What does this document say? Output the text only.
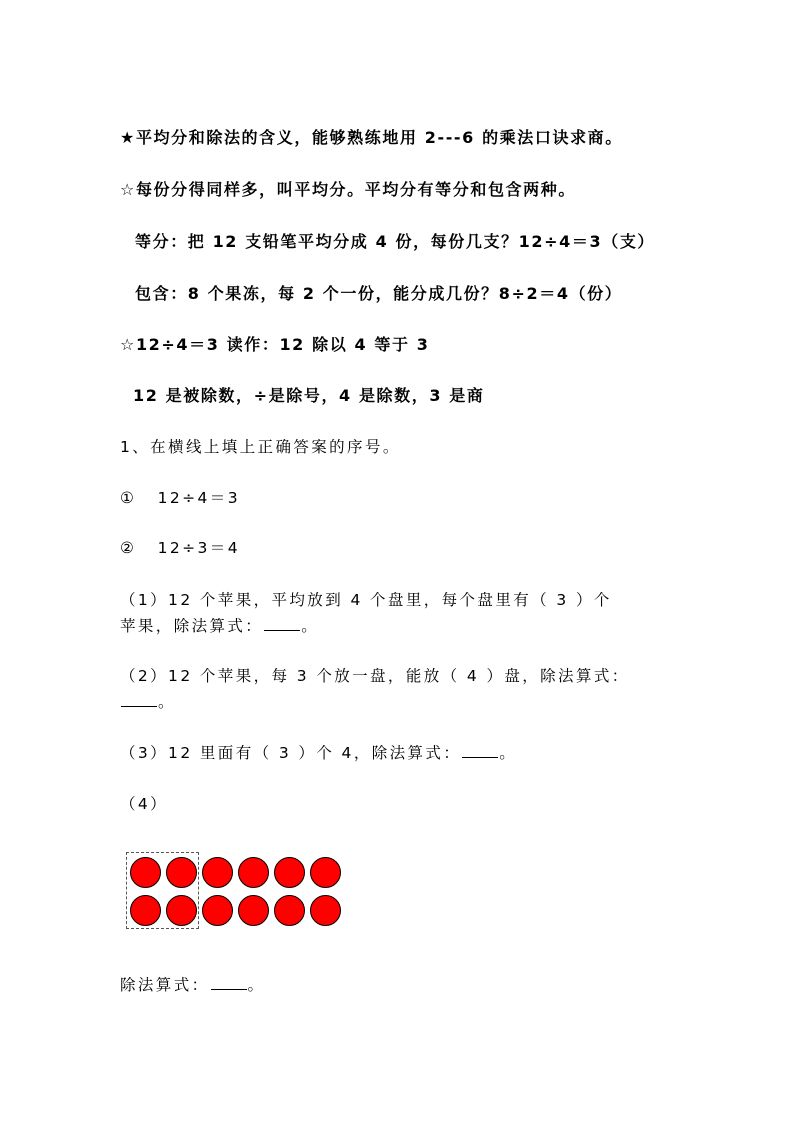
★平均分和除法的含义，能够熟练地用 2---6 的乘法口诀求商。
☆每份分得同样多，叫平均分。平均分有等分和包含两种。
等分：把 12 支铅笔平均分成 4 份，每份几支？12÷4＝3（支）
包含：8 个果冻，每 2 个一份，能分成几份？8÷2＝4（份）
☆12÷4＝3 读作：12 除以 4 等于 3
12 是被除数，÷是除号，4 是除数，3 是商
1、在横线上填上正确答案的序号。
① 12÷4＝3
② 12÷3＝4
（1）12 个苹果，平均放到 4 个盘里，每个盘里有（ 3 ）个
苹果，除法算式： 。
（2）12 个苹果，每 3 个放一盘，能放（ 4 ）盘，除法算式：
。
（3）12 里面有（ 3 ）个 4，除法算式： 。
（4）
除法算式： 。
